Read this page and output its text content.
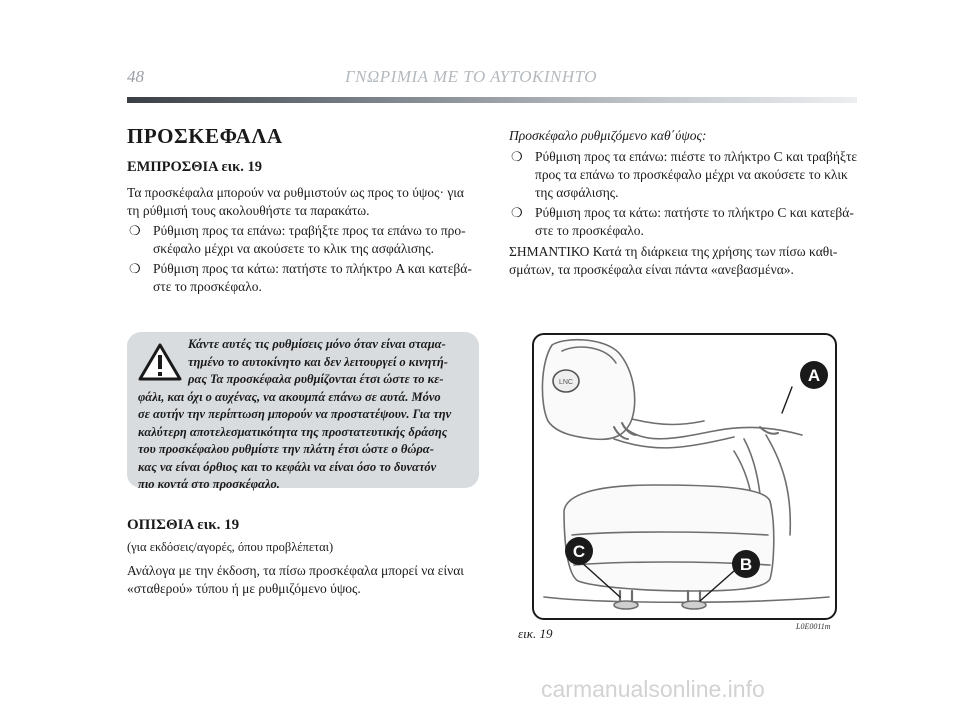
48	ΓΝΩΡΙΜΙΑ ΜΕ ΤΟ ΑΥΤΟΚΙΝΗΤΟ
ΠΡΟΣΚΕΦΑΛΑ
ΕΜΠΡΟΣΘΙΑ εικ. 19
Τα προσκέφαλα μπορούν να ρυθμιστούν ως προς το ύψος· για
τη ρύθμισή τους ακολουθήστε τα παρακάτω.
❍ Ρύθμιση προς τα επάνω: τραβήξτε προς τα επάνω το προ-
σκέφαλο μέχρι να ακούσετε το κλικ της ασφάλισης.
❍ Ρύθμιση προς τα κάτω: πατήστε το πλήκτρο A και κατεβά-
στε το προσκέφαλο.
Κάντε αυτές τις ρυθμίσεις μόνο όταν είναι σταμα-
τημένο το αυτοκίνητο και δεν λειτουργεί ο κινητή-
ρας Τα προσκέφαλα ρυθμίζονται έτσι ώστε το κε-
φάλι, και όχι ο αυχένας, να ακουμπά επάνω σε αυτά. Μόνο
σε αυτήν την περίπτωση μπορούν να προστατέψουν. Για την
καλύτερη αποτελεσματικότητα της προστατευτικής δράσης
του προσκέφαλου ρυθμίστε την πλάτη έτσι ώστε ο θώρα-
κας να είναι όρθιος και το κεφάλι να είναι όσο το δυνατόν
πιο κοντά στο προσκέφαλο.
ΟΠΙΣΘΙΑ εικ. 19
(για εκδόσεις/αγορές, όπου προβλέπεται)
Ανάλογα με την έκδοση, τα πίσω προσκέφαλα μπορεί να είναι
«σταθερού» τύπου ή με ρυθμιζόμενο ύψος.
Προσκέφαλο ρυθμιζόμενο καθ΄ύψος:
❍ Ρύθμιση προς τα επάνω: πιέστε το πλήκτρο C και τραβήξτε
προς τα επάνω το προσκέφαλο μέχρι να ακούσετε το κλικ
της ασφάλισης.
❍ Ρύθμιση προς τα κάτω: πατήστε το πλήκτρο C και κατεβά-
στε το προσκέφαλο.
ΣΗΜΑΝΤΙΚΟ Κατά τη διάρκεια της χρήσης των πίσω καθι-
σμάτων, τα προσκέφαλα είναι πάντα «ανεβασμένα».
LNC	A
C
B
εικ. 19	L0E0011m
carmanualsonline.info
